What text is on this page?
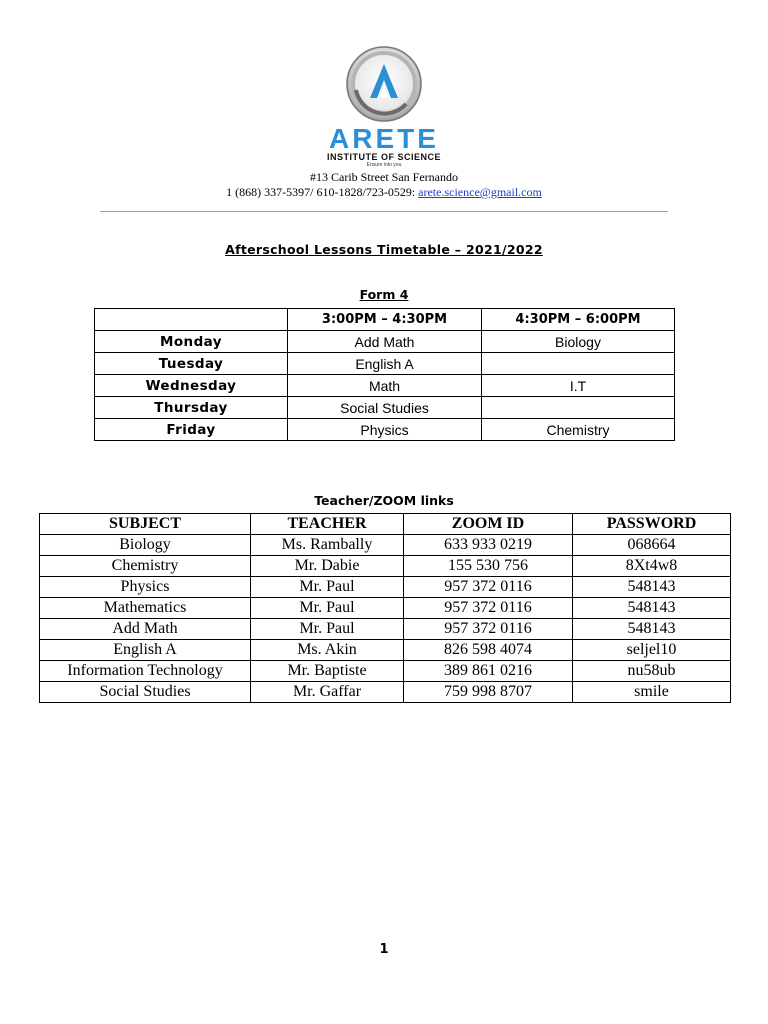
ARETE
INSTITUTE OF SCIENCE
Ensure into you
#13 Carib Street San Fernando
1 (868) 337-5397/ 610-1828/723-0529: arete.science@gmail.com
Afterschool Lessons Timetable – 2021/2022
Form 4
	3:00PM – 4:30PM	4:30PM – 6:00PM
Monday	Add Math	Biology
Tuesday	English A	
Wednesday	Math	I.T
Thursday	Social Studies	
Friday	Physics	Chemistry
Teacher/ZOOM links
SUBJECT	TEACHER	ZOOM ID	PASSWORD
Biology	Ms. Rambally	633 933 0219	068664
Chemistry	Mr. Dabie	155 530 756	8Xt4w8
Physics	Mr. Paul	957 372 0116	548143
Mathematics	Mr. Paul	957 372 0116	548143
Add Math	Mr. Paul	957 372 0116	548143
English A	Ms. Akin	826 598 4074	seljel10
Information Technology	Mr. Baptiste	389 861 0216	nu58ub
Social Studies	Mr. Gaffar	759 998 8707	smile
1
